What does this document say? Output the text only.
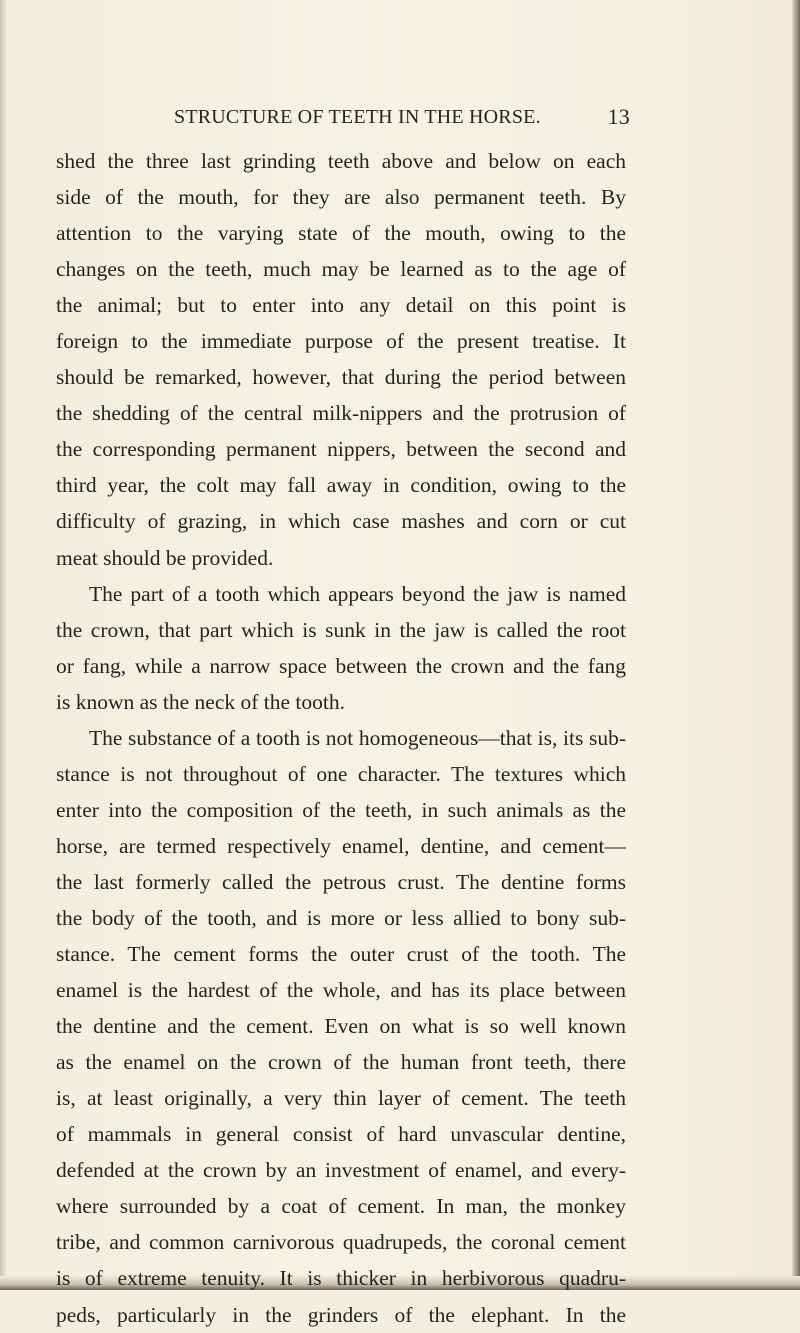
STRUCTURE OF TEETH IN THE HORSE.	13
shed the three last grinding teeth above and below on each
side of the mouth, for they are also permanent teeth. By
attention to the varying state of the mouth, owing to the
changes on the teeth, much may be learned as to the age of
the animal; but to enter into any detail on this point is
foreign to the immediate purpose of the present treatise. It
should be remarked, however, that during the period between
the shedding of the central milk-nippers and the protrusion of
the corresponding permanent nippers, between the second and
third year, the colt may fall away in condition, owing to the
difficulty of grazing, in which case mashes and corn or cut
meat should be provided.
The part of a tooth which appears beyond the jaw is named
the crown, that part which is sunk in the jaw is called the root
or fang, while a narrow space between the crown and the fang
is known as the neck of the tooth.
The substance of a tooth is not homogeneous—that is, its sub-
stance is not throughout of one character. The textures which
enter into the composition of the teeth, in such animals as the
horse, are termed respectively enamel, dentine, and cement—
the last formerly called the petrous crust. The dentine forms
the body of the tooth, and is more or less allied to bony sub-
stance. The cement forms the outer crust of the tooth. The
enamel is the hardest of the whole, and has its place between
the dentine and the cement. Even on what is so well known
as the enamel on the crown of the human front teeth, there
is, at least originally, a very thin layer of cement. The teeth
of mammals in general consist of hard unvascular dentine,
defended at the crown by an investment of enamel, and every-
where surrounded by a coat of cement. In man, the monkey
tribe, and common carnivorous quadrupeds, the coronal cement
is of extreme tenuity. It is thicker in herbivorous quadru-
peds, particularly in the grinders of the elephant. In the
